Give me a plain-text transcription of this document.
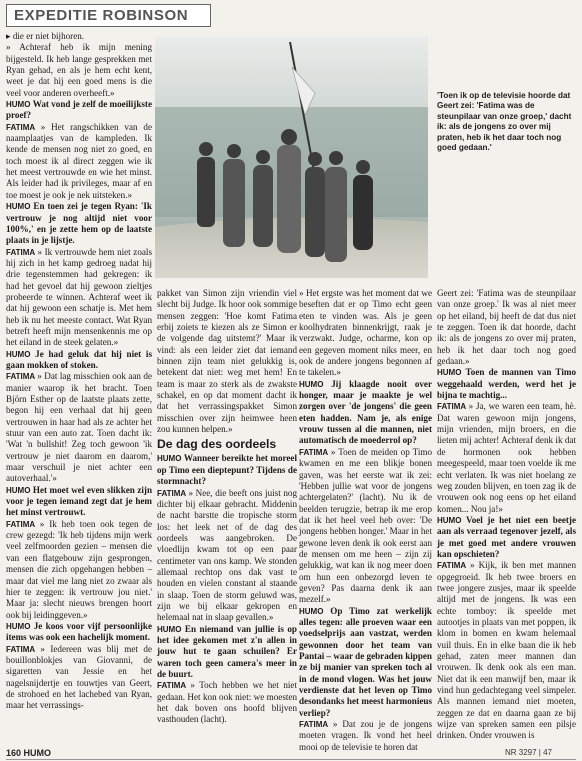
EXPEDITIE ROBINSON

▸ die er niet bijhoren.

» Achteraf heb ik mijn mening bijgesteld. Ik heb lange gesprekken met Ryan gehad, en als je hem echt kent, weet je dat hij een goed mens is die veel voor anderen overheeft.»

HUMO Wat vond je zelf de moeilijkste proef?

FATIMA » Het rangschikken van de naamplaatjes van de kampleden. Ik kende de mensen nog niet zo goed, en toch moest ik al direct zeggen wie ik het meest vertrouwde en wie het minst. Als leider had ik privileges, maar af en toe moest je ook je nek uitsteken.»

HUMO En toen zei je tegen Ryan: 'Ik vertrouw je nog altijd niet voor 100%,' en je zette hem op de laatste plaats in je lijstje.

FATIMA » Ik vertrouwde hem niet zoals hij zich in het kamp gedroeg nadat hij drie tegenstemmen had gekregen: ik had het gevoel dat hij gewoon zieltjes probeerde te winnen. Achteraf weet ik dat hij gewoon een schatje is. Met hem heb ik nu het meeste contact. Wat Ryan betreft heeft mijn mensenkennis me op het eiland in de steek gelaten.»

HUMO Je had geluk dat hij niet is gaan mokken of stoken.

FATIMA » Dat lag misschien ook aan de manier waarop ik het bracht. Toen Björn Esther op de laatste plaats zette, begon hij een verhaal dat hij geen vertrouwen in haar had als ze achter het stuur van een auto zat. Toen dacht ik: 'Wat 'n bullshit! Zeg toch gewoon 'ik vertrouw je niet daarom en daarom,' maar verschuil je niet achter een autoverhaal.'»

HUMO Het moet wel even slikken zijn voor je tegen iemand zegt dat je hem het minst vertrouwt.

FATIMA » Ik heb toen ook tegen de crew gezegd: 'Ik heb tijdens mijn werk veel zelfmoorden gezien – mensen die van een flatgebouw zijn gesprongen, mensen die zich opgehangen hebben – maar dat viel me lang niet zo zwaar als hier te zeggen: ik vertrouw jou niet.' Maar ja: slecht nieuws brengen hoort ook bij leidinggeven.»

HUMO Je koos voor vijf persoonlijke items was ook een hachelijk moment.

FATIMA » Iedereen was blij met de bouillonblokjes van Giovanni, de sigaretten van Jessie en het nagelsnijdertje en touwtjes van Geert, de strohoed en het lachebed van Ryan, maar het verrassings-

'Toen ik op de televisie hoorde dat Geert zei: 'Fatima was de steunpilaar van onze groep,' dacht ik: als de jongens zo over mij praten, heb ik het daar toch nog goed gedaan.'

pakket van Simon zijn vriendin viel slecht bij Judge. Ik hoor ook sommige mensen zeggen: 'Hoe komt Fatima erbij zoiets te kiezen als ze Simon er de volgende dag uitstemt?' Maar ik vind: als een leider ziet dat iemand binnen zijn team niet gelukkig is, betekent dat niet: weg met hem! En team is maar zo sterk als de zwakste schakel, en op dat moment dacht ik dat het verrassingspakket Simon misschien over zijn heimwee heen zou kunnen helpen.»

De dag des oordeels

HUMO Wanneer bereikte het moreel op Timo een dieptepunt? Tijdens de stormnacht?

FATIMA » Nee, die beeft ons juist nog dichter bij elkaar gebracht. Middenin de nacht barstte die tropische storm los: het leek net of de dag des oordeels was aangebroken. De vloedlijn kwam tot op een paar centimeter van ons kamp. We stonden allemaal rechtop ons dak vast te houden en vielen constant al staande in slaap. Toen de storm geluwd was, zijn we bij elkaar gekropen en helemaal nat in slaap gevallen.»

HUMO En niemand van jullie is op het idee gekomen met z'n allen in jouw hut te gaan schuilen? Er waren toch geen camera's meer in de buurt.

FATIMA » Toch hebben we het niet gedaan. Het kon ook niet: we moesten het dak boven ons hoofd blijven vasthouden (lacht).

» Het ergste was het moment dat we beseften dat er op Timo echt geen eten te vinden was. Als je geen koolhydraten binnenkrijgt, raak je verzwakt. Judge, ocharme, kon op een gegeven moment niks meer, en ook de andere jongens begonnen af te takelen.»

HUMO Jij klaagde nooit over honger, maar je maakte je wel zorgen over 'de jongens' die geen eten hadden. Nam je, als enige vrouw tussen al die mannen, niet automatisch de moederrol op?

FATIMA » Toen de meiden op Timo kwamen en me een blikje bonen gaven, was het eerste wat ik zei: 'Hebben jullie wat voor de jongens achtergelaten?' (lacht). Nu ik de beelden terugzie, betrap ik me erop dat ik het heel veel heb over: 'De jongens hebben honger.' Maar in het gewone leven denk ik ook eerst aan de mensen om me heen – zijn zij gelukkig, wat kan ik nog meer doen om hun een onbezorgd leven te geven? Pas daarna denk ik aan mezelf.»

HUMO Op Timo zat werkelijk alles tegen: alle proeven waar een voedselprijs aan vastzat, werden gewonnen door het team van Pantai – waar de gebraden kippen ze bij manier van spreken toch al in de mond vlogen. Was het jouw verdienste dat het leven op Timo desondanks het meest harmonieus verliep?

FATIMA » Dat zou je de jongens moeten vragen. Ik vond het heel mooi op de televisie te horen dat

Geert zei: 'Fatima was de steunpilaar van onze groep.' Ik was al niet meer op het eiland, bij heeft de dat dus niet te zeggen. Toen ik dat hoorde, dacht ik: als de jongens zo over mij praten, heb ik het daar toch nog goed gedaan.»

HUMO Toen de mannen van Timo weggehaald werden, werd het je bijna te machtig...

FATIMA » Ja, we waren een team, hè. Dat waren gewoon mijn jongens, mijn vrienden, mijn broers, en die lieten mij achter! Achteraf denk ik dat de hormonen ook hebben meegespeeld, maar toen voelde ik me echt verlaten. Ik was niet hoelang ze weg zouden blijven, en toen zag ik de vrouwen ook nog eens op het eiland komen... Nou ja!»

HUMO Voel je het niet een beetje aan als verraad tegenover jezelf, als je met goed met andere vrouwen kan opschieten?

FATIMA » Kijk, ik ben met mannen opgegroeid. Ik heb twee broers en twee jongere zusjes, maar ik speelde altijd met de jongens. Ik was een echte tomboy: ik speelde met autootjes in plaats van met poppen, ik klom in bomen en kwam helemaal vuil thuis. En in elke baan die ik heb gehad, zaten meer mannen dan vrouwen. Ik denk ook als een man. Niet dat ik een manwijf ben, maar ik vind hun gedachtegang veel simpeler. Als mannen iemand niet moeten, zeggen ze dat en daarna gaan ze bij wijze van spreken samen een pilsje drinken. Onder vrouwen is

160 HUMO	NR 3297 | 47
